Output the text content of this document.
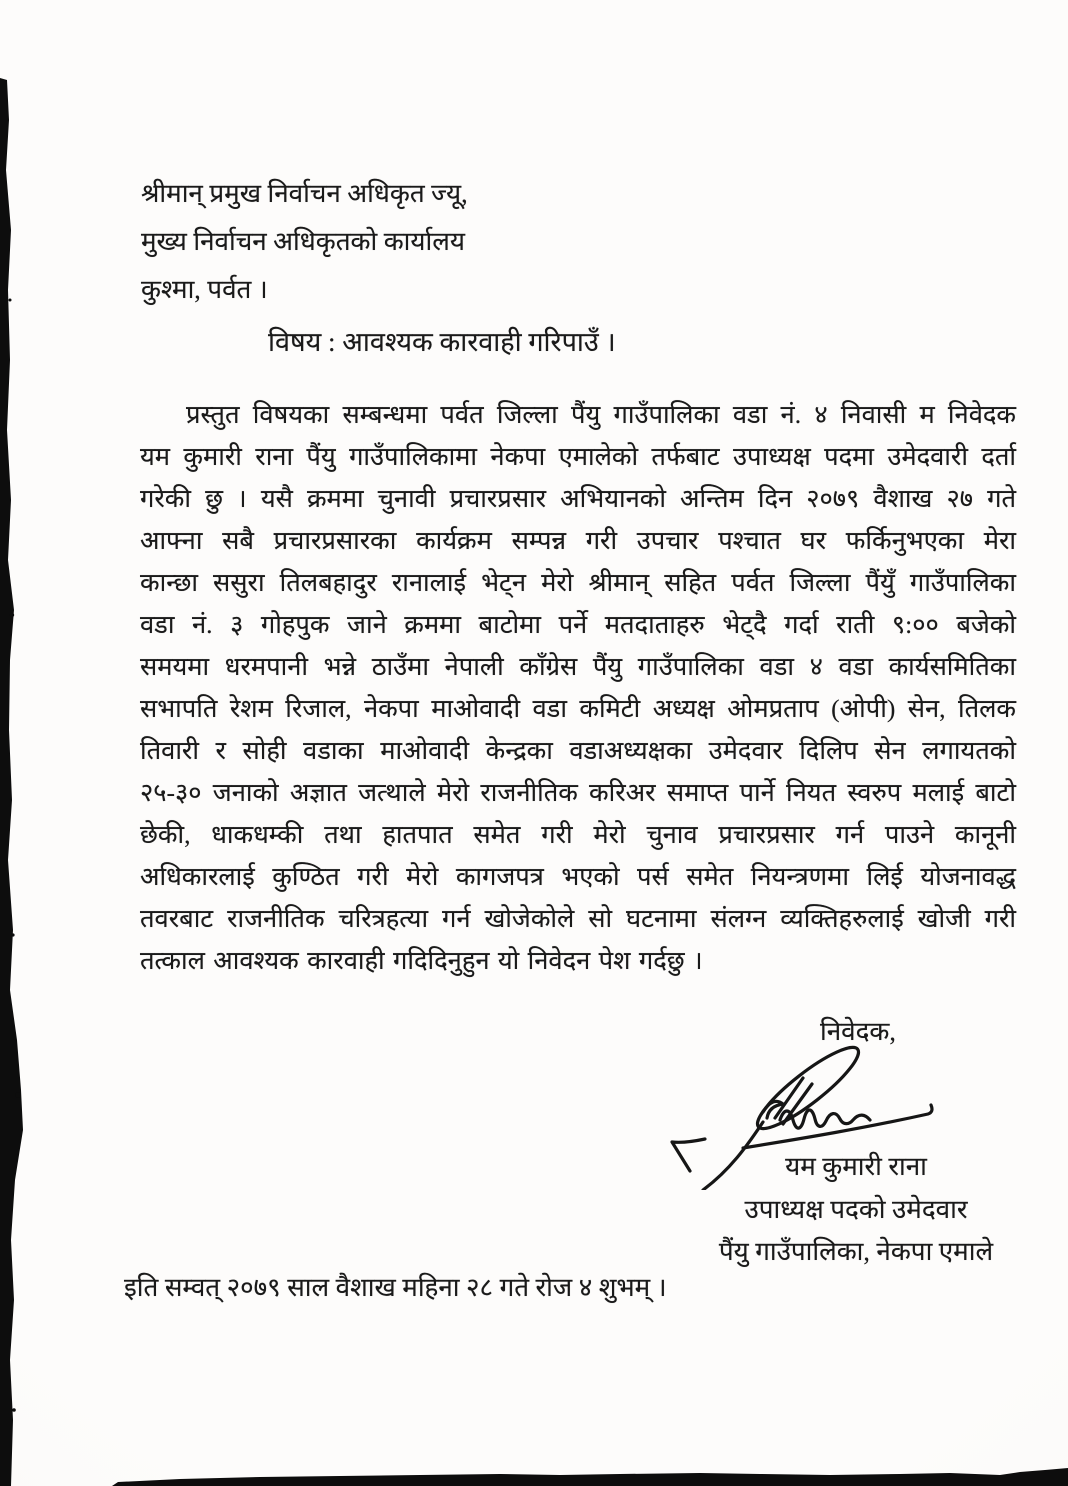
श्रीमान् प्रमुख निर्वाचन अधिकृत ज्यू,
मुख्य निर्वाचन अधिकृतको कार्यालय
कुश्मा, पर्वत ।
विषय : आवश्यक कारवाही गरिपाउँ ।
प्रस्तुत विषयका सम्बन्धमा पर्वत जिल्ला पैंयु गाउँपालिका वडा नं. ४ निवासी म निवेदक
यम कुमारी राना पैंयु गाउँपालिकामा नेकपा एमालेको तर्फबाट उपाध्यक्ष पदमा उमेदवारी दर्ता
गरेकी छु । यसै क्रममा चुनावी प्रचारप्रसार अभियानको अन्तिम दिन २०७९ वैशाख २७ गते
आफ्ना सबै प्रचारप्रसारका कार्यक्रम सम्पन्न गरी उपचार पश्चात घर फर्किनुभएका मेरा
कान्छा ससुरा तिलबहादुर रानालाई भेट्न मेरो श्रीमान् सहित पर्वत जिल्ला पैंयुँ गाउँपालिका
वडा नं. ३ गोहपुक जाने क्रममा बाटोमा पर्ने मतदाताहरु भेट्दै गर्दा राती ९:०० बजेको
समयमा धरमपानी भन्ने ठाउँमा नेपाली काँग्रेस पैंयु गाउँपालिका वडा ४ वडा कार्यसमितिका
सभापति रेशम रिजाल, नेकपा माओवादी वडा कमिटी अध्यक्ष ओमप्रताप (ओपी) सेन, तिलक
तिवारी र सोही वडाका माओवादी केन्द्रका वडाअध्यक्षका उमेदवार दिलिप सेन लगायतको
२५-३० जनाको अज्ञात जत्थाले मेरो राजनीतिक करिअर समाप्त पार्ने नियत स्वरुप मलाई बाटो
छेकी, धाकधम्की तथा हातपात समेत गरी मेरो चुनाव प्रचारप्रसार गर्न पाउने कानूनी
अधिकारलाई कुण्ठित गरी मेरो कागजपत्र भएको पर्स समेत नियन्त्रणमा लिई योजनावद्ध
तवरबाट राजनीतिक चरित्रहत्या गर्न खोजेकोले सो घटनामा संलग्न व्यक्तिहरुलाई खोजी गरी
तत्काल आवश्यक कारवाही गदिदिनुहुन यो निवेदन पेश गर्दछु ।
निवेदक,
यम कुमारी राना
उपाध्यक्ष पदको उमेदवार
पैंयु गाउँपालिका, नेकपा एमाले
इति सम्वत् २०७९ साल वैशाख महिना २८ गते रोज ४ शुभम् ।
